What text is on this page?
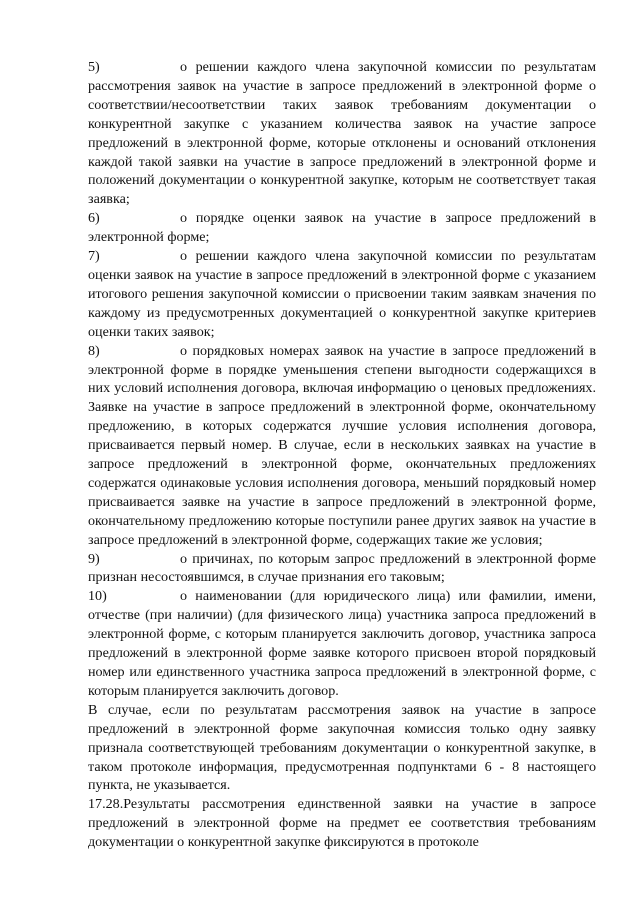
5)	о решении каждого члена закупочной комиссии по результатам рассмотрения заявок на участие в запросе предложений в электронной форме о соответствии/несоответствии таких заявок требованиям документации о конкурентной закупке с указанием количества заявок на участие запросе предложений в электронной форме, которые отклонены и оснований отклонения каждой такой заявки на участие в запросе предложений в электронной форме и положений документации о конкурентной закупке, которым не соответствует такая заявка;

6)	о порядке оценки заявок на участие в запросе предложений в электронной форме;

7)	о решении каждого члена закупочной комиссии по результатам оценки заявок на участие в запросе предложений в электронной форме с указанием итогового решения закупочной комиссии о присвоении таким заявкам значения по каждому из предусмотренных документацией о конкурентной закупке критериев оценки таких заявок;

8)	о порядковых номерах заявок на участие в запросе предложений в электронной форме в порядке уменьшения степени выгодности содержащихся в них условий исполнения договора, включая информацию о ценовых предложениях. Заявке на участие в запросе предложений в электронной форме, окончательному предложению, в которых содержатся лучшие условия исполнения договора, присваивается первый номер. В случае, если в нескольких заявках на участие в запросе предложений в электронной форме, окончательных предложениях содержатся одинаковые условия исполнения договора, меньший порядковый номер присваивается заявке на участие в запросе предложений в электронной форме, окончательному предложению которые поступили ранее других заявок на участие в запросе предложений в электронной форме, содержащих такие же условия;

9)	о причинах, по которым запрос предложений в электронной форме признан несостоявшимся, в случае признания его таковым;

10)	о наименовании (для юридического лица) или фамилии, имени, отчестве (при наличии) (для физического лица) участника запроса предложений в электронной форме, с которым планируется заключить договор, участника запроса предложений в электронной форме заявке которого присвоен второй порядковый номер или единственного участника запроса предложений в электронной форме, с которым планируется заключить договор.

В случае, если по результатам рассмотрения заявок на участие в запросе предложений в электронной форме закупочная комиссия только одну заявку признала соответствующей требованиям документации о конкурентной закупке, в таком протоколе информация, предусмотренная подпунктами 6 - 8 настоящего пункта, не указывается.

17.28.Результаты рассмотрения единственной заявки на участие в запросе предложений в электронной форме на предмет ее соответствия требованиям документации о конкурентной закупке фиксируются в протоколе
